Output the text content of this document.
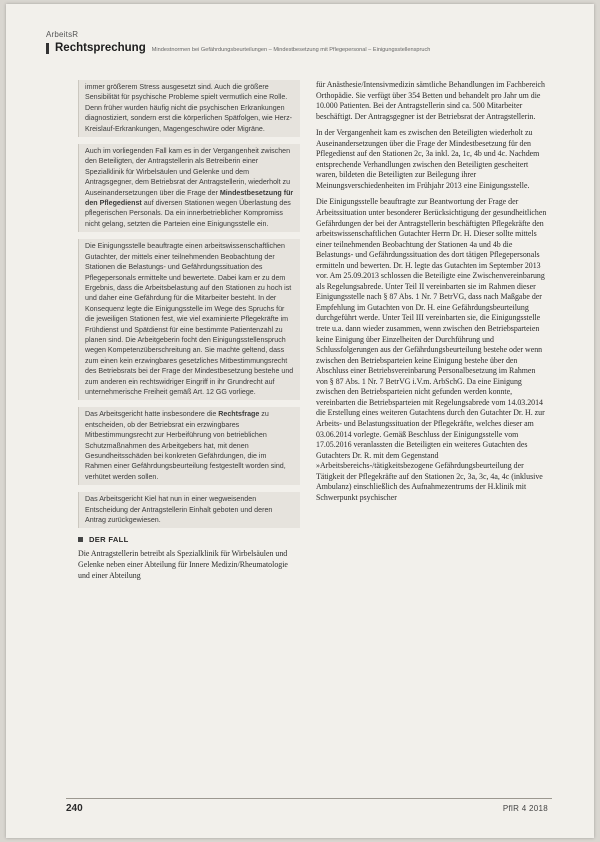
ArbeitsR
Rechtsprechung Mindestnormen bei Gefährdungsbeurteilungen – Mindestbesetzung mit Pflegepersonal – Einigungsstellenspruch

immer größerem Stress ausgesetzt sind. Auch die größere Sensibilität für psychische Probleme spielt vermutlich eine Rolle. Denn früher wurden häufig nicht die psychischen Erkrankungen diagnostiziert, sondern erst die körperlichen Spätfolgen, wie Herz-Kreislauf-Erkrankungen, Magengeschwüre oder Migräne.

Auch im vorliegenden Fall kam es in der Vergangenheit zwischen den Beteiligten, der Antragstellerin als Betreiberin einer Spezialklinik für Wirbelsäulen und Gelenke und dem Antragsgegner, dem Betriebsrat der Antragstellerin, wiederholt zu Auseinandersetzungen über die Frage der Mindestbesetzung für den Pflegedienst auf diversen Stationen wegen Überlastung des pflegerischen Personals. Da ein innerbetrieblicher Kompromiss nicht gelang, setzten die Parteien eine Einigungsstelle ein.

Die Einigungsstelle beauftragte einen arbeitswissenschaftlichen Gutachter, der mittels einer teilnehmenden Beobachtung der Stationen die Belastungs- und Gefährdungssituation des Pflegepersonals ermittelte und bewertete. Dabei kam er zu dem Ergebnis, dass die Arbeitsbelastung auf den Stationen zu hoch ist und daher eine Gefährdung für die Mitarbeiter besteht. In der Konsequenz legte die Einigungsstelle im Wege des Spruchs für die jeweiligen Stationen fest, wie viel examinierte Pflegekräfte im Frühdienst und Spätdienst für eine bestimmte Patientenzahl zu planen sind. Die Arbeitgeberin focht den Einigungsstellenspruch wegen Kompetenzüberschreitung an. Sie machte geltend, dass zum einen kein erzwingbares gesetzliches Mitbestimmungsrecht des Betriebsrats bei der Frage der Mindestbesetzung bestehe und zum anderen ein rechtswidriger Eingriff in ihr Grundrecht auf unternehmerische Freiheit gemäß Art. 12 GG vorliege.

Das Arbeitsgericht hatte insbesondere die Rechtsfrage zu entscheiden, ob der Betriebsrat ein erzwingbares Mitbestimmungsrecht zur Herbeiführung von betrieblichen Schutzmaßnahmen des Arbeitgebers hat, mit denen Gesundheitsschäden bei konkreten Gefährdungen, die im Rahmen einer Gefährdungsbeurteilung festgestellt worden sind, verhütet werden sollen.

Das Arbeitsgericht Kiel hat nun in einer wegweisenden Entscheidung der Antragstellerin Einhalt geboten und deren Antrag zurückgewiesen.

DER FALL

Die Antragstellerin betreibt als Spezialklinik für Wirbelsäulen und Gelenke neben einer Abteilung für Innere Medizin/Rheumatologie und einer Abteilung

für Anästhesie/Intensivmedizin sämtliche Behandlungen im Fachbereich Orthopädie. Sie verfügt über 354 Betten und behandelt pro Jahr um die 10.000 Patienten. Bei der Antragstellerin sind ca. 500 Mitarbeiter beschäftigt. Der Antragsgegner ist der Betriebsrat der Antragstellerin.

In der Vergangenheit kam es zwischen den Beteiligten wiederholt zu Auseinandersetzungen über die Frage der Mindestbesetzung für den Pflegedienst auf den Stationen 2c, 3a inkl. 2a, 1c, 4b und 4c. Nachdem entsprechende Verhandlungen zwischen den Beteiligten gescheitert waren, bildeten die Beteiligten zur Beilegung ihrer Meinungsverschiedenheiten im Frühjahr 2013 eine Einigungsstelle.

Die Einigungsstelle beauftragte zur Beantwortung der Frage der Arbeitssituation unter besonderer Berücksichtigung der gesundheitlichen Gefährdungen der bei der Antragstellerin beschäftigten Pflegekräfte den arbeitswissenschaftlichen Gutachter Herrn Dr. H. Dieser sollte mittels einer teilnehmenden Beobachtung der Stationen 4a und 4b die Belastungs- und Gefährdungssituation des dort tätigen Pflegepersonals ermitteln und bewerten. Dr. H. legte das Gutachten im September 2013 vor. Am 25.09.2013 schlossen die Beteiligte eine Zwischenvereinbarung als Regelungsabrede. Unter Teil II vereinbarten sie im Rahmen dieser Einigungsstelle nach § 87 Abs. 1 Nr. 7 BetrVG, dass nach Maßgabe der Empfehlung im Gutachten von Dr. H. eine Gefährdungsbeurteilung durchgeführt werde. Unter Teil III vereinbarten sie, die Einigungsstelle trete u.a. dann wieder zusammen, wenn zwischen den Betriebsparteien keine Einigung über Einzelheiten der Durchführung und Schlussfolgerungen aus der Gefährdungsbeurteilung bestehe oder wenn zwischen den Betriebsparteien keine Einigung bestehe über den Abschluss einer Betriebsvereinbarung Personalbesetzung im Rahmen von § 87 Abs. 1 Nr. 7 BetrVG i.V.m. ArbSchG. Da eine Einigung zwischen den Betriebsparteien nicht gefunden werden konnte, vereinbarten die Betriebsparteien mit Regelungsabrede vom 14.03.2014 die Erstellung eines weiteren Gutachtens durch den Gutachter Dr. H. zur Arbeits- und Belastungssituation der Pflegekräfte, welches dieser am 03.06.2014 vorlegte. Gemäß Beschluss der Einigungsstelle vom 17.05.2016 veranlassten die Beteiligten ein weiteres Gutachten des Gutachters Dr. R. mit dem Gegenstand »Arbeitsbereichs-/tätigkeitsbezogene Gefährdungsbeurteilung der Tätigkeit der Pflegekräfte auf den Stationen 2c, 3a, 3c, 4a, 4c (inklusive Ambulanz) einschließlich des Aufnahmezentrums der H.klinik mit Schwerpunkt psychischer

240	PflR 4 2018
